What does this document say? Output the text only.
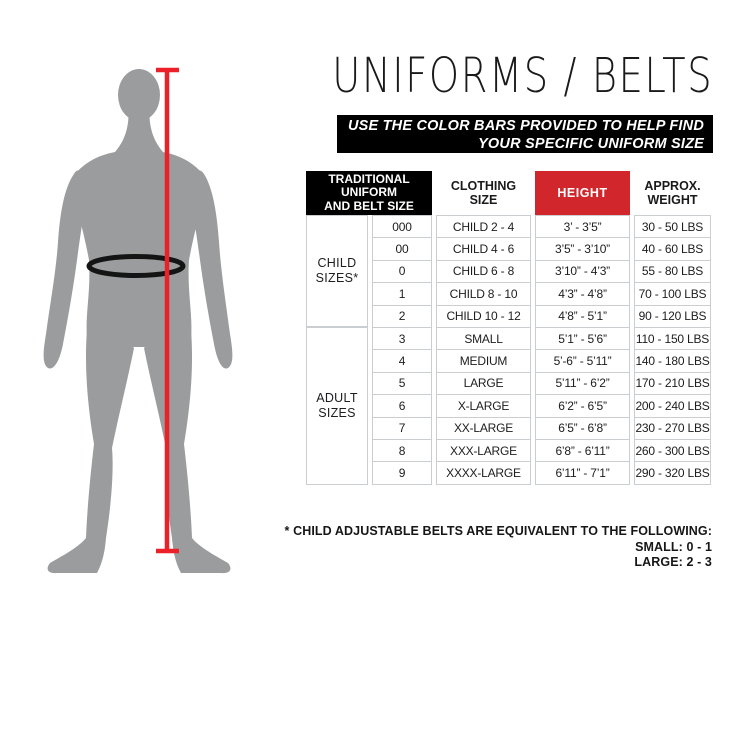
UNIFORMS / BELTS
USE THE COLOR BARS PROVIDED TO HELP FIND
YOUR SPECIFIC UNIFORM SIZE
TRADITIONAL
UNIFORM
AND BELT SIZE		CLOTHING SIZE	HEIGHT	APPROX. WEIGHT
CHILD SIZES*	000	CHILD 2 - 4	3’ - 3’5”	30 - 50 LBS
	00	CHILD 4 - 6	3’5” - 3’10”	40 - 60 LBS
	0	CHILD 6 - 8	3’10” - 4’3”	55 - 80 LBS
	1	CHILD 8 - 10	4’3” - 4’8”	70 - 100 LBS
	2	CHILD 10 - 12	4’8” - 5’1”	90 - 120 LBS
ADULT SIZES	3	SMALL	5’1” - 5’6”	110 - 150 LBS
	4	MEDIUM	5’-6” - 5’11”	140 - 180 LBS
	5	LARGE	5’11” - 6’2”	170 - 210 LBS
	6	X-LARGE	6’2” - 6’5”	200 - 240 LBS
	7	XX-LARGE	6’5” - 6’8”	230 - 270 LBS
	8	XXX-LARGE	6’8” - 6’11”	260 - 300 LBS
	9	XXXX-LARGE	6’11” - 7’1”	290 - 320 LBS
* CHILD ADJUSTABLE BELTS ARE EQUIVALENT TO THE FOLLOWING:
SMALL: 0 - 1
LARGE: 2 - 3
